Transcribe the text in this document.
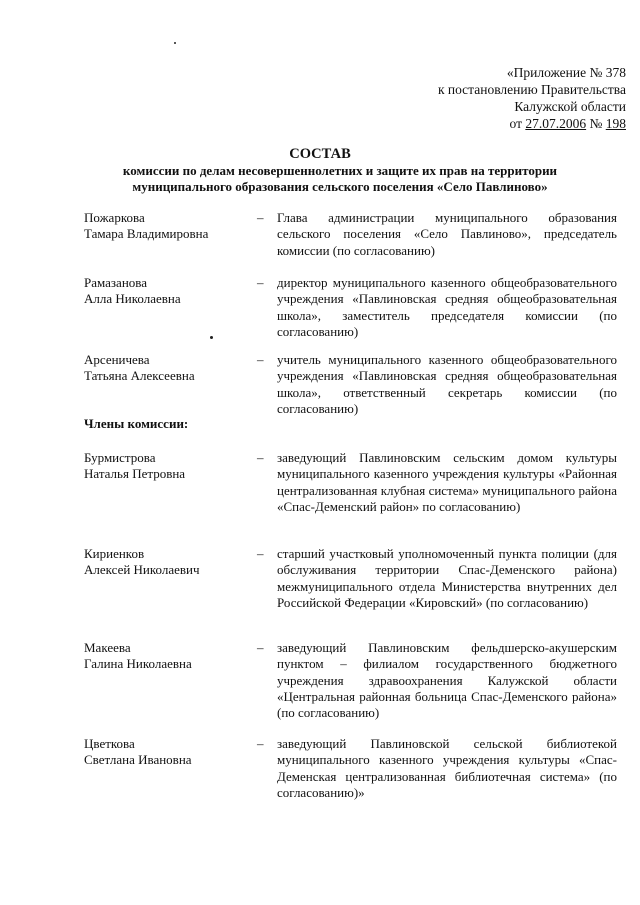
«Приложение № 378
к постановлению Правительства
Калужской области
от 27.07.2006 № 198
СОСТАВ
комиссии по делам несовершеннолетних и защите их прав на территории
муниципального образования сельского поселения «Село Павлиново»
Пожаркова
Тамара Владимировна
– Глава администрации муниципального образования сельского поселения «Село Павлиново», председатель комиссии (по согласованию)
Рамазанова
Алла Николаевна
– директор муниципального казенного общеобразовательного учреждения «Павлиновская средняя общеобразовательная школа», заместитель председателя комиссии (по согласованию)
Арсеничева
Татьяна Алексеевна
– учитель муниципального казенного общеобразовательного учреждения «Павлиновская средняя общеобразовательная школа», ответственный секретарь комиссии (по согласованию)
Члены комиссии:
Бурмистрова
Наталья Петровна
– заведующий Павлиновским сельским домом культуры муниципального казенного учреждения культуры «Районная централизованная клубная система» муниципального района «Спас-Деменский район» по согласованию)
Кириенков
Алексей Николаевич
– старший участковый уполномоченный пункта полиции (для обслуживания территории Спас-Деменского района) межмуниципального отдела Министерства внутренних дел Российской Федерации «Кировский» (по согласованию)
Макеева
Галина Николаевна
– заведующий Павлиновским фельдшерско-акушерским пунктом – филиалом государственного бюджетного учреждения здравоохранения Калужской области «Центральная районная больница Спас-Деменского района» (по согласованию)
Цветкова
Светлана Ивановна
– заведующий Павлиновской сельской библиотекой муниципального казенного учреждения культуры «Спас-Деменская централизованная библиотечная система» (по согласованию)»
